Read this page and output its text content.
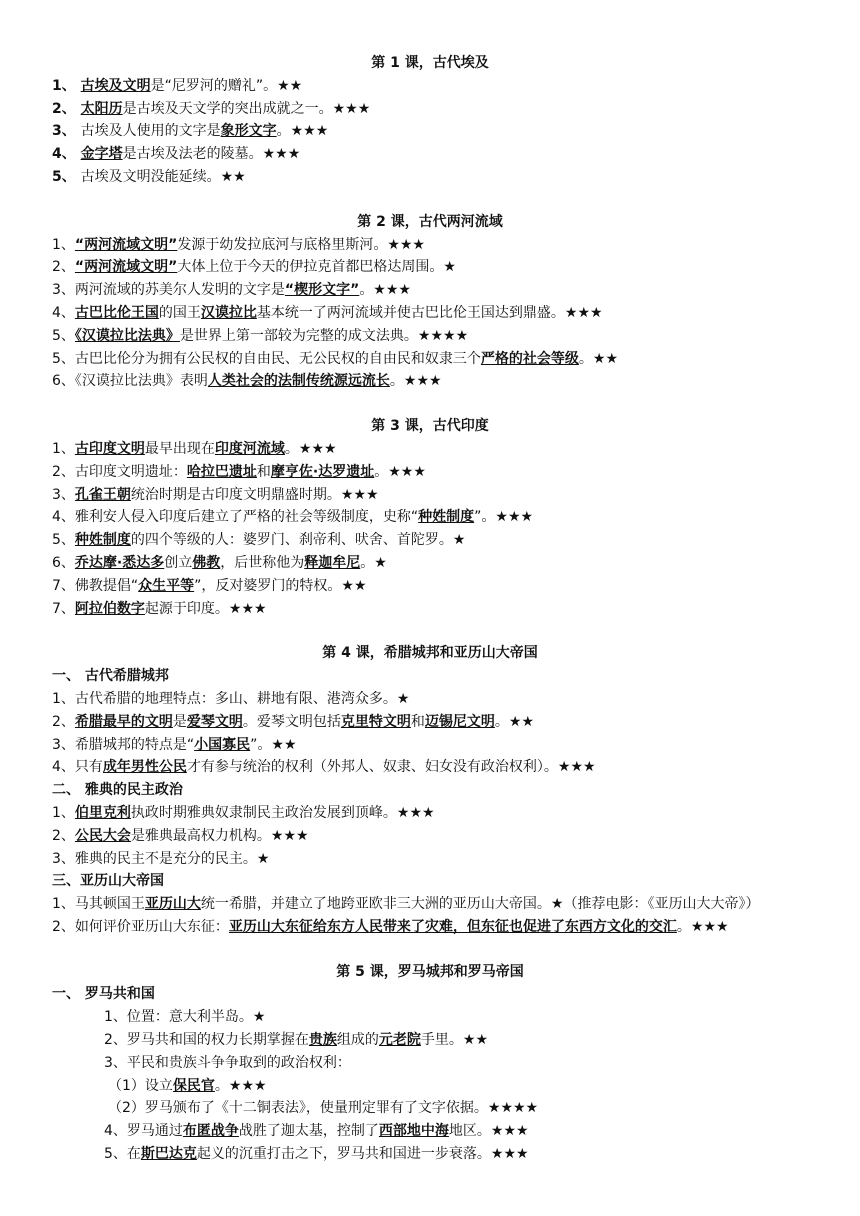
第 1 课，古代埃及
1、 古埃及文明是“尼罗河的赠礼”。★★
2、 太阳历是古埃及天文学的突出成就之一。★★★
3、 古埃及人使用的文字是象形文字。★★★
4、 金字塔是古埃及法老的陵墓。★★★
5、 古埃及文明没能延续。★★
第 2 课，古代两河流域
1、“两河流域文明”发源于幼发拉底河与底格里斯河。★★★
2、“两河流域文明”大体上位于今天的伊拉克首都巴格达周围。★
3、两河流域的苏美尔人发明的文字是“楔形文字”。★★★
4、古巴比伦王国的国王汉谟拉比基本统一了两河流域并使古巴比伦王国达到鼎盛。★★★
5、《汉谟拉比法典》是世界上第一部较为完整的成文法典。★★★★
5、古巴比伦分为拥有公民权的自由民、无公民权的自由民和奴隶三个严格的社会等级。★★
6、《汉谟拉比法典》表明人类社会的法制传统源远流长。★★★
第 3 课，古代印度
1、古印度文明最早出现在印度河流域。★★★
2、古印度文明遗址：哈拉巴遗址和摩亨佐·达罗遗址。★★★
3、孔雀王朝统治时期是古印度文明鼎盛时期。★★★
4、雅利安人侵入印度后建立了严格的社会等级制度，史称“种姓制度”。★★★
5、种姓制度的四个等级的人：婆罗门、刹帝利、吠舍、首陀罗。★
6、乔达摩·悉达多创立佛教，后世称他为释迦牟尼。★
7、佛教提倡“众生平等”，反对婆罗门的特权。★★
7、阿拉伯数字起源于印度。★★★
第 4 课，希腊城邦和亚历山大帝国
一、 古代希腊城邦
1、古代希腊的地理特点：多山、耕地有限、港湾众多。★
2、希腊最早的文明是爱琴文明。爱琴文明包括克里特文明和迈锡尼文明。★★
3、希腊城邦的特点是“小国寡民”。★★
4、只有成年男性公民才有参与统治的权利（外邦人、奴隶、妇女没有政治权利）。★★★
二、 雅典的民主政治
1、伯里克利执政时期雅典奴隶制民主政治发展到顶峰。★★★
2、公民大会是雅典最高权力机构。★★★
3、雅典的民主不是充分的民主。★
三、亚历山大帝国
1、马其顿国王亚历山大统一希腊，并建立了地跨亚欧非三大洲的亚历山大帝国。★（推荐电影：《亚历山大大帝》）
2、如何评价亚历山大东征：亚历山大东征给东方人民带来了灾难，但东征也促进了东西方文化的交汇。★★★
第 5 课，罗马城邦和罗马帝国
一、 罗马共和国
1、位置：意大利半岛。★
2、罗马共和国的权力长期掌握在贵族组成的元老院手里。★★
3、平民和贵族斗争争取到的政治权利：
（1）设立保民官。★★★
（2）罗马颁布了《十二铜表法》，使量刑定罪有了文字依据。★★★★
4、罗马通过布匿战争战胜了迦太基，控制了西部地中海地区。★★★
5、在斯巴达克起义的沉重打击之下，罗马共和国进一步衰落。★★★
